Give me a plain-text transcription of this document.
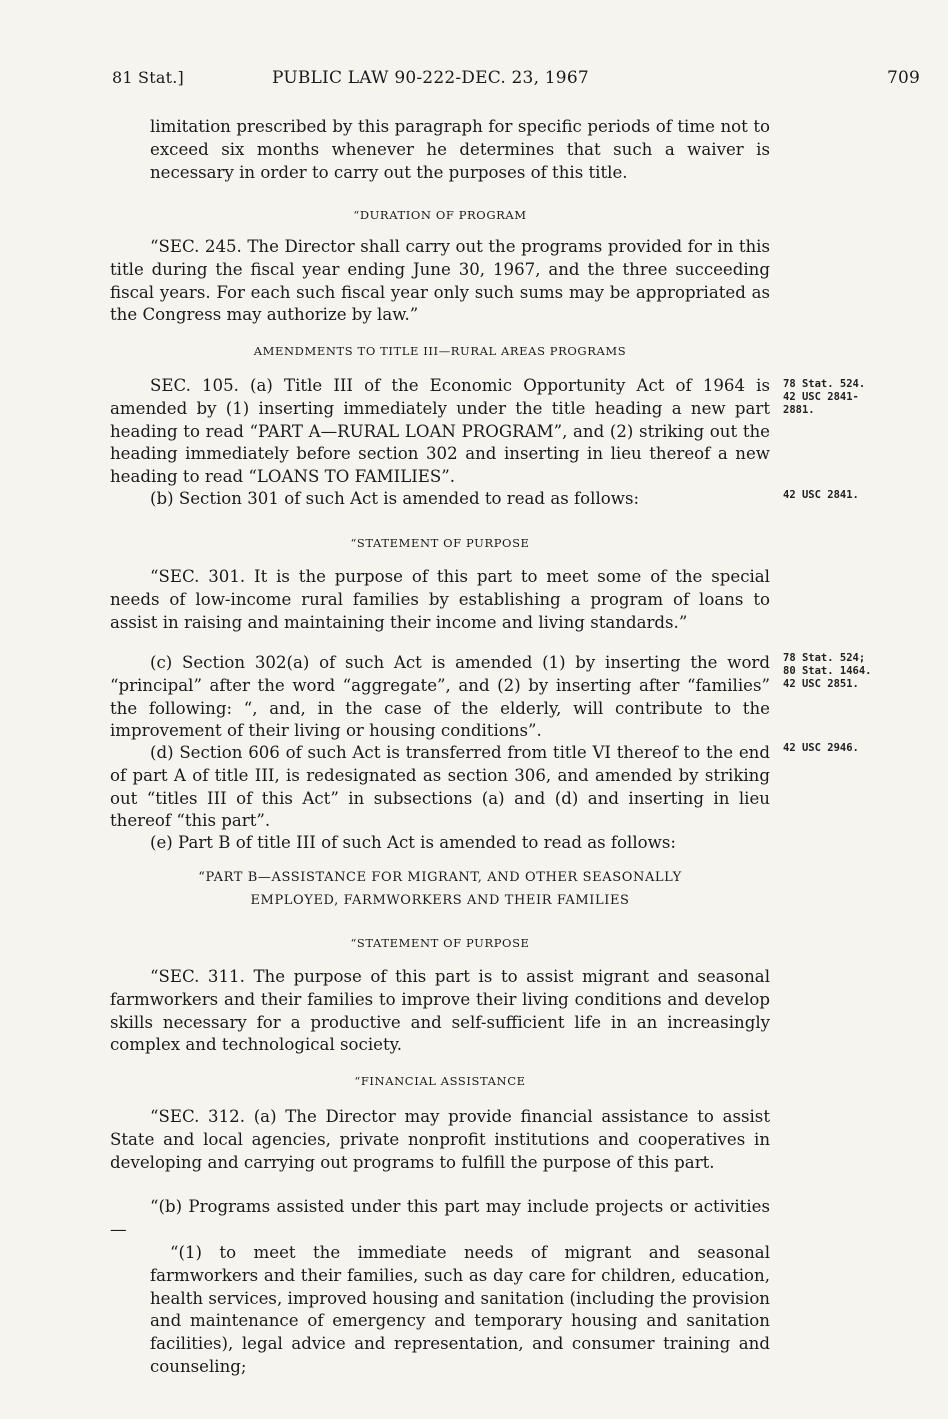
81 Stat.]	PUBLIC LAW 90-222-DEC. 23, 1967	709

limitation prescribed by this paragraph for specific periods of time not to exceed six months whenever he determines that such a waiver is necessary in order to carry out the purposes of this title.

“DURATION OF PROGRAM

“SEC. 245. The Director shall carry out the programs provided for in this title during the fiscal year ending June 30, 1967, and the three succeeding fiscal years. For each such fiscal year only such sums may be appropriated as the Congress may authorize by law.”

AMENDMENTS TO TITLE III—RURAL AREAS PROGRAMS

SEC. 105. (a) Title III of the Economic Opportunity Act of 1964 is amended by (1) inserting immediately under the title heading a new part heading to read “PART A—RURAL LOAN PROGRAM”, and (2) striking out the heading immediately before section 302 and inserting in lieu thereof a new heading to read “LOANS TO FAMILIES”.

(b) Section 301 of such Act is amended to read as follows:

“STATEMENT OF PURPOSE

“SEC. 301. It is the purpose of this part to meet some of the special needs of low-income rural families by establishing a program of loans to assist in raising and maintaining their income and living standards.”

(c) Section 302(a) of such Act is amended (1) by inserting the word “principal” after the word “aggregate”, and (2) by inserting after “families” the following: “, and, in the case of the elderly, will contribute to the improvement of their living or housing conditions”.

(d) Section 606 of such Act is transferred from title VI thereof to the end of part A of title III, is redesignated as section 306, and amended by striking out “titles III of this Act” in subsections (a) and (d) and inserting in lieu thereof “this part”.

(e) Part B of title III of such Act is amended to read as follows:

“PART B—ASSISTANCE FOR MIGRANT, AND OTHER SEASONALLY

EMPLOYED, FARMWORKERS AND THEIR FAMILIES

“STATEMENT OF PURPOSE

“SEC. 311. The purpose of this part is to assist migrant and seasonal farmworkers and their families to improve their living conditions and develop skills necessary for a productive and self-sufficient life in an increasingly complex and technological society.

“FINANCIAL ASSISTANCE

“SEC. 312. (a) The Director may provide financial assistance to assist State and local agencies, private nonprofit institutions and cooperatives in developing and carrying out programs to fulfill the purpose of this part.

“(b) Programs assisted under this part may include projects or activities—

“(1) to meet the immediate needs of migrant and seasonal farmworkers and their families, such as day care for children, education, health services, improved housing and sanitation (including the provision and maintenance of emergency and temporary housing and sanitation facilities), legal advice and representation, and consumer training and counseling;

78 Stat. 524.
42 USC 2841-
2881.
42 USC 2841.
78 Stat. 524;
80 Stat. 1464.
42 USC 2851.
42 USC 2946.
